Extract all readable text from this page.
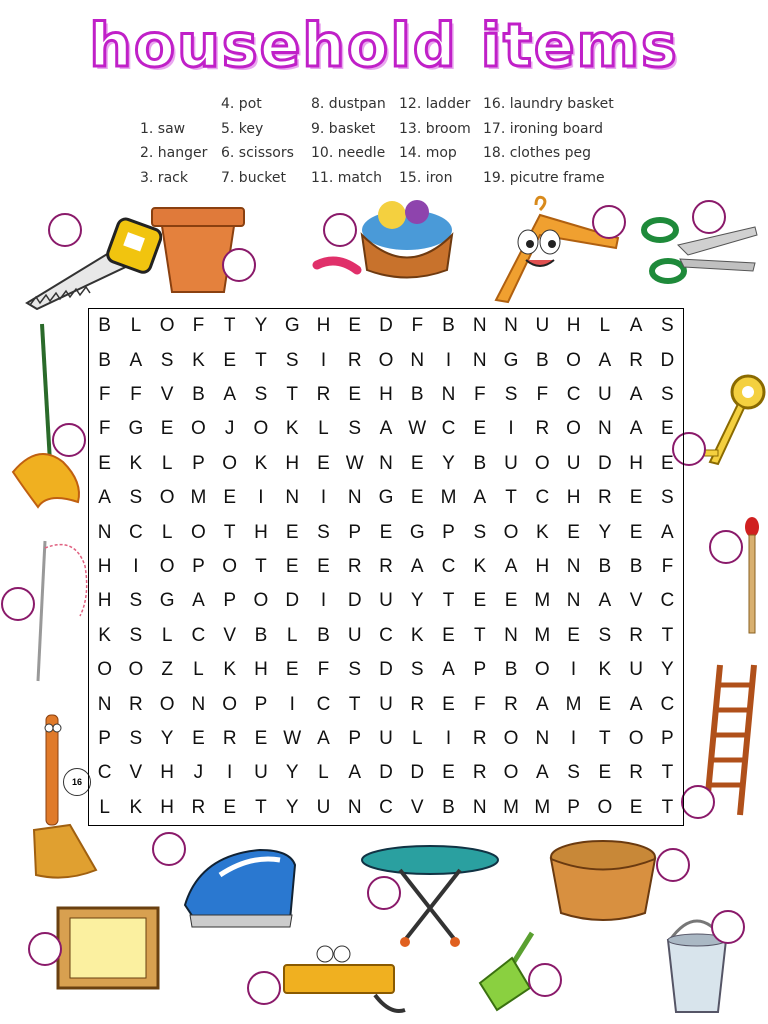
household items
1. saw
2. hanger
3. rack
4. pot
5. key
6. scissors
7. bucket
8. dustpan
9. basket
10. needle
11. match
12. ladder
13. broom
14. mop
15. iron
16. laundry basket
17. ironing board
18. clothes peg
19. picutre frame
16
B	L O F	T	Y G H E D F	B N N U H	L	A S
B A S K E	T	S	I	R O N	I	N G B O A R D
F	F	V B A S	T R E H B N F	S	F C U A S
F G E O	J	O K	L	S A W C E	I	R O N A E
E K	L	P O K H E W N E Y B U O U D H E
A S O M E	I	N	I	N G E M A	T C H R E S
N C	L O T H E S P E G P S O K E Y E A
H	I	O P O T	E E R R A C K A H N B B	F
H S G A P O D	I	D U Y	T	E E M N A V C
K S	L	C V B	L	B U C K E	T N M E S R T
O O Z	L	K H E	F	S D S A P B O	I	K U Y
N R O N O P	I	C T U R E	F R A M E A C
P S Y E R E W A P U	L	I	R O N	I	T O P
C V H	J	I	U Y	L	A D D E R O A S E R T
L	K H R E	T	Y U N C V B N M M P O E	T
